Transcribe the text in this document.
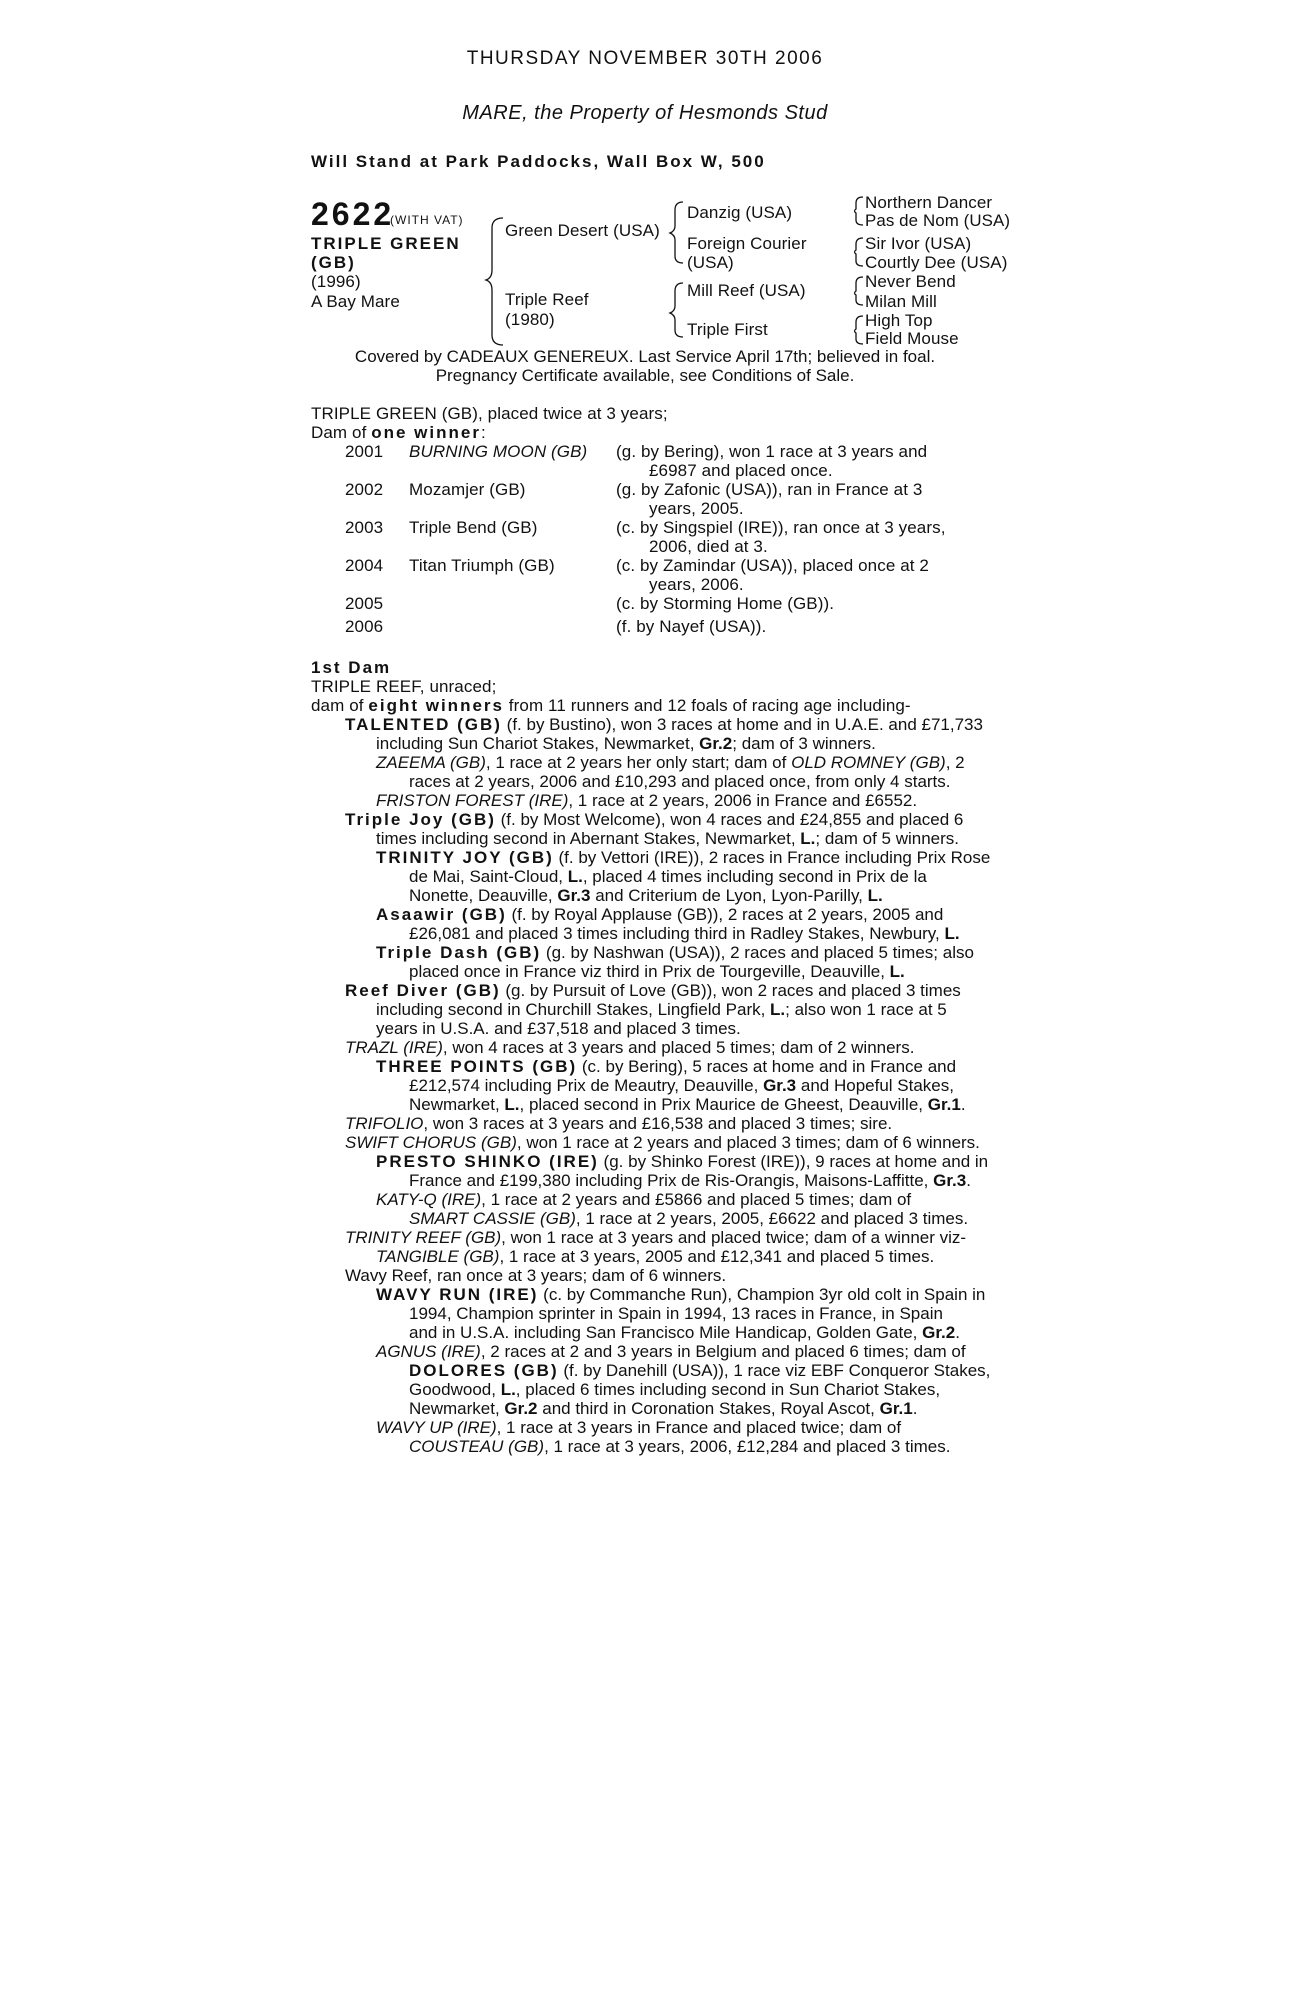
THURSDAY NOVEMBER 30TH 2006
MARE, the Property of Hesmonds Stud
Will Stand at Park Paddocks, Wall Box W, 500
2622
(WITH VAT)
TRIPLE GREEN
(GB)
(1996)
A Bay Mare
Green Desert (USA)
Triple Reef
(1980)
Danzig (USA)
Foreign Courier
(USA)
Mill Reef (USA)
Triple First
Northern Dancer
Pas de Nom (USA)
Sir Ivor (USA)
Courtly Dee (USA)
Never Bend
Milan Mill
High Top
Field Mouse
Covered by CADEAUX GENEREUX. Last Service April 17th; believed in foal.
Pregnancy Certificate available, see Conditions of Sale.
TRIPLE GREEN (GB), placed twice at 3 years;
Dam of one winner:
2001 BURNING MOON (GB) (g. by Bering), won 1 race at 3 years and
£6987 and placed once.
2002 Mozamjer (GB)	(g. by Zafonic (USA)), ran in France at 3
years, 2005.
2003 Triple Bend (GB)	(c. by Singspiel (IRE)), ran once at 3 years,
2006, died at 3.
2004 Titan Triumph (GB)	(c. by Zamindar (USA)), placed once at 2
years, 2006.
2005	(c. by Storming Home (GB)).
2006	(f. by Nayef (USA)).
1st Dam
TRIPLE REEF, unraced;
dam of eight winners from 11 runners and 12 foals of racing age including-
TALENTED (GB) (f. by Bustino), won 3 races at home and in U.A.E. and £71,733
including Sun Chariot Stakes, Newmarket, Gr.2; dam of 3 winners.
ZAEEMA (GB), 1 race at 2 years her only start; dam of OLD ROMNEY (GB), 2
races at 2 years, 2006 and £10,293 and placed once, from only 4 starts.
FRISTON FOREST (IRE), 1 race at 2 years, 2006 in France and £6552.
Triple Joy (GB) (f. by Most Welcome), won 4 races and £24,855 and placed 6
times including second in Abernant Stakes, Newmarket, L.; dam of 5 winners.
TRINITY JOY (GB) (f. by Vettori (IRE)), 2 races in France including Prix Rose
de Mai, Saint-Cloud, L., placed 4 times including second in Prix de la
Nonette, Deauville, Gr.3 and Criterium de Lyon, Lyon-Parilly, L.
Asaawir (GB) (f. by Royal Applause (GB)), 2 races at 2 years, 2005 and
£26,081 and placed 3 times including third in Radley Stakes, Newbury, L.
Triple Dash (GB) (g. by Nashwan (USA)), 2 races and placed 5 times; also
placed once in France viz third in Prix de Tourgeville, Deauville, L.
Reef Diver (GB) (g. by Pursuit of Love (GB)), won 2 races and placed 3 times
including second in Churchill Stakes, Lingfield Park, L.; also won 1 race at 5
years in U.S.A. and £37,518 and placed 3 times.
TRAZL (IRE), won 4 races at 3 years and placed 5 times; dam of 2 winners.
THREE POINTS (GB) (c. by Bering), 5 races at home and in France and
£212,574 including Prix de Meautry, Deauville, Gr.3 and Hopeful Stakes,
Newmarket, L., placed second in Prix Maurice de Gheest, Deauville, Gr.1.
TRIFOLIO, won 3 races at 3 years and £16,538 and placed 3 times; sire.
SWIFT CHORUS (GB), won 1 race at 2 years and placed 3 times; dam of 6 winners.
PRESTO SHINKO (IRE) (g. by Shinko Forest (IRE)), 9 races at home and in
France and £199,380 including Prix de Ris-Orangis, Maisons-Laffitte, Gr.3.
KATY-Q (IRE), 1 race at 2 years and £5866 and placed 5 times; dam of
SMART CASSIE (GB), 1 race at 2 years, 2005, £6622 and placed 3 times.
TRINITY REEF (GB), won 1 race at 3 years and placed twice; dam of a winner viz-
TANGIBLE (GB), 1 race at 3 years, 2005 and £12,341 and placed 5 times.
Wavy Reef, ran once at 3 years; dam of 6 winners.
WAVY RUN (IRE) (c. by Commanche Run), Champion 3yr old colt in Spain in
1994, Champion sprinter in Spain in 1994, 13 races in France, in Spain
and in U.S.A. including San Francisco Mile Handicap, Golden Gate, Gr.2.
AGNUS (IRE), 2 races at 2 and 3 years in Belgium and placed 6 times; dam of
DOLORES (GB) (f. by Danehill (USA)), 1 race viz EBF Conqueror Stakes,
Goodwood, L., placed 6 times including second in Sun Chariot Stakes,
Newmarket, Gr.2 and third in Coronation Stakes, Royal Ascot, Gr.1.
WAVY UP (IRE), 1 race at 3 years in France and placed twice; dam of
COUSTEAU (GB), 1 race at 3 years, 2006, £12,284 and placed 3 times.
